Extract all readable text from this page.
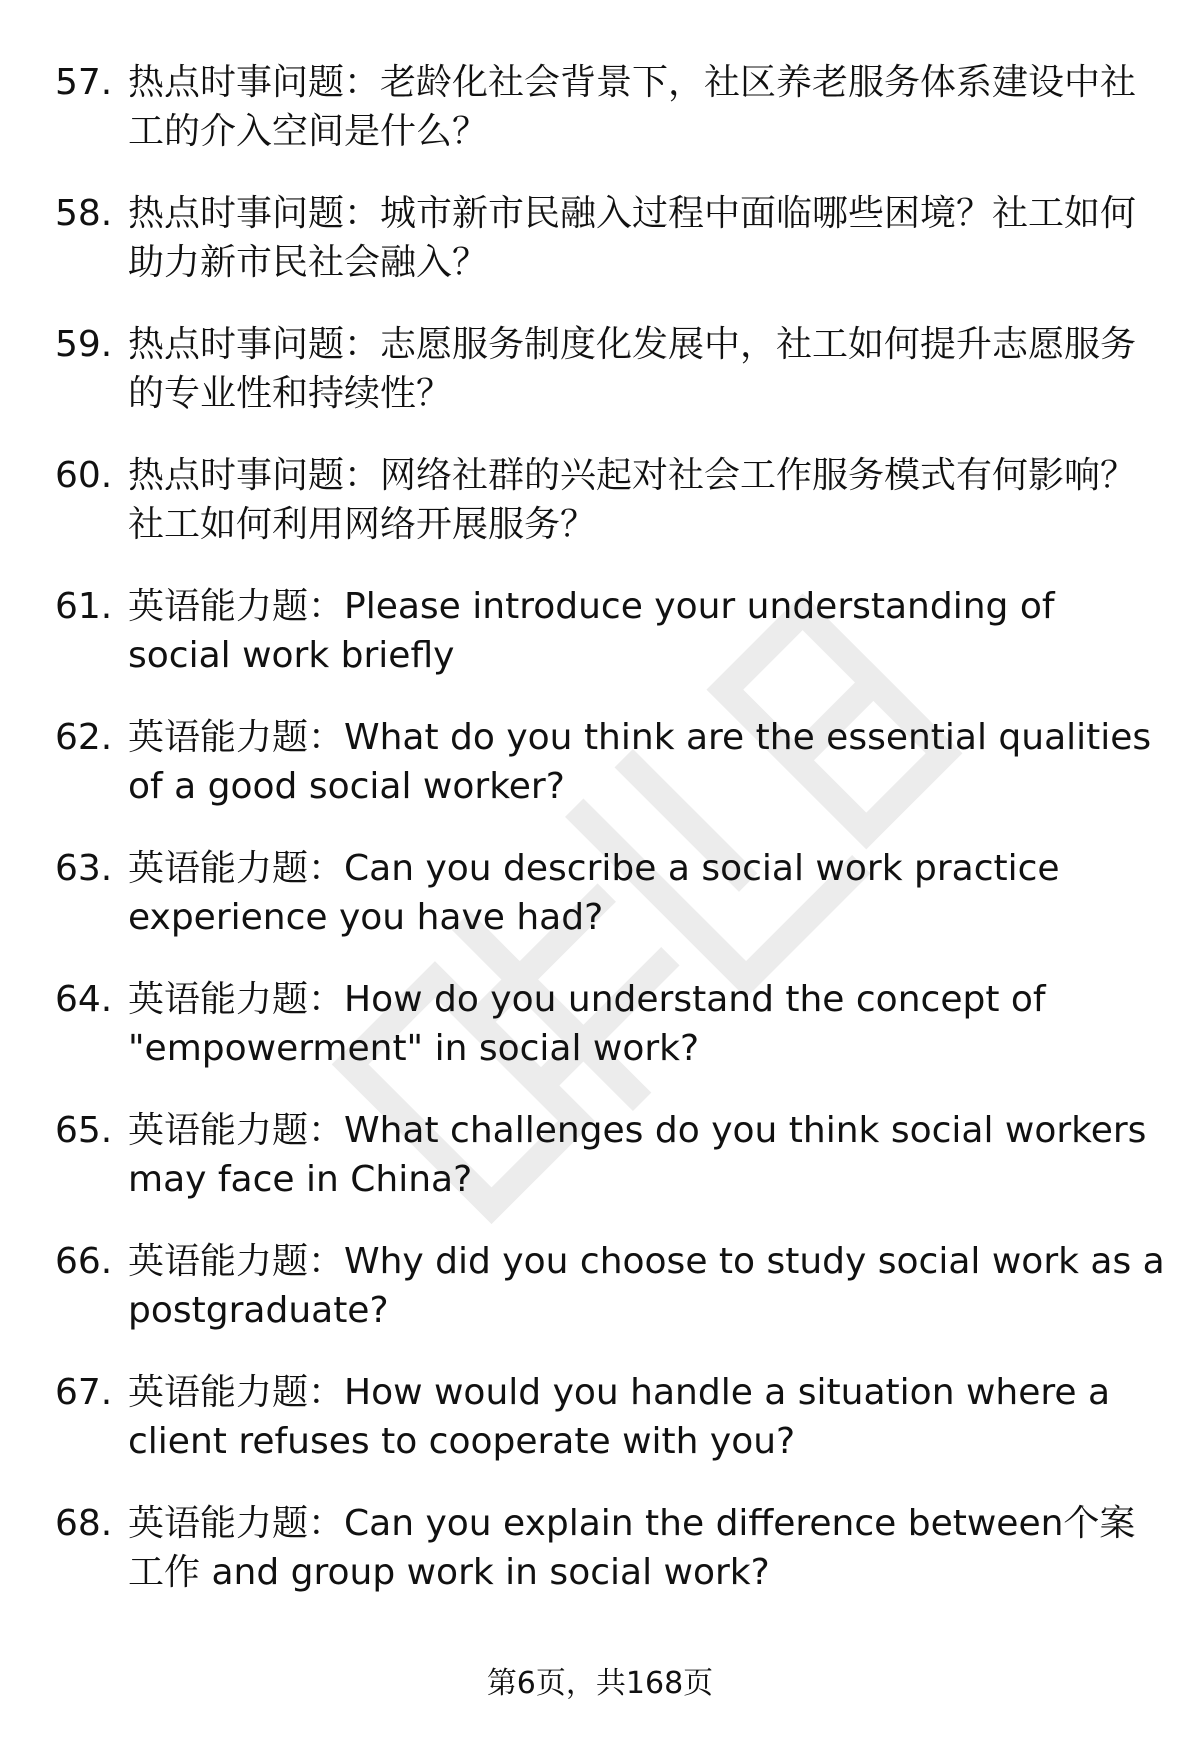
57. 热点时事问题：老龄化社会背景下，社区养老服务体系建设中社工的介入空间是什么？
58. 热点时事问题：城市新市民融入过程中面临哪些困境？社工如何助力新市民社会融入？
59. 热点时事问题：志愿服务制度化发展中，社工如何提升志愿服务的专业性和持续性？
60. 热点时事问题：网络社群的兴起对社会工作服务模式有何影响？社工如何利用网络开展服务？
61. 英语能力题：Please introduce your understanding of social work briefly
62. 英语能力题：What do you think are the essential qualities of a good social worker?
63. 英语能力题：Can you describe a social work practice experience you have had?
64. 英语能力题：How do you understand the concept of "empowerment" in social work?
65. 英语能力题：What challenges do you think social workers may face in China?
66. 英语能力题：Why did you choose to study social work as a postgraduate?
67. 英语能力题：How would you handle a situation where a client refuses to cooperate with you?
68. 英语能力题：Can you explain the difference between个案工作 and group work in social work?
第6页，共168页
